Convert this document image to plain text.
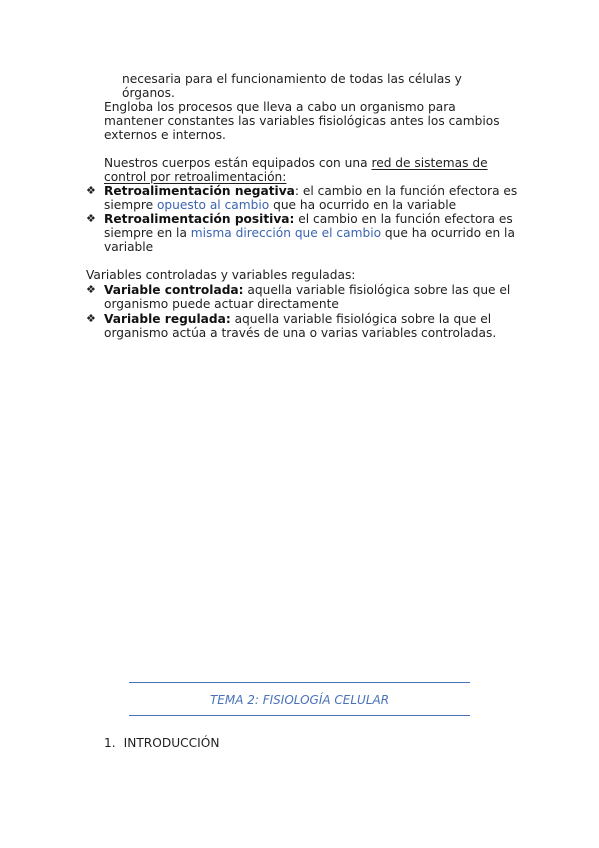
necesaria para el funcionamiento de todas las células y
órganos.
Engloba los procesos que lleva a cabo un organismo para
mantener constantes las variables fisiológicas antes los cambios
externos e internos.
Nuestros cuerpos están equipados con una red de sistemas de
control por retroalimentación:
❖ Retroalimentación negativa: el cambio en la función efectora es
siempre opuesto al cambio que ha ocurrido en la variable
❖ Retroalimentación positiva: el cambio en la función efectora es
siempre en la misma dirección que el cambio que ha ocurrido en la
variable
Variables controladas y variables reguladas:
❖ Variable controlada: aquella variable fisiológica sobre las que el
organismo puede actuar directamente
❖ Variable regulada: aquella variable fisiológica sobre la que el
organismo actúa a través de una o varias variables controladas.
TEMA 2: FISIOLOGÍA CELULAR
1. INTRODUCCIÓN
